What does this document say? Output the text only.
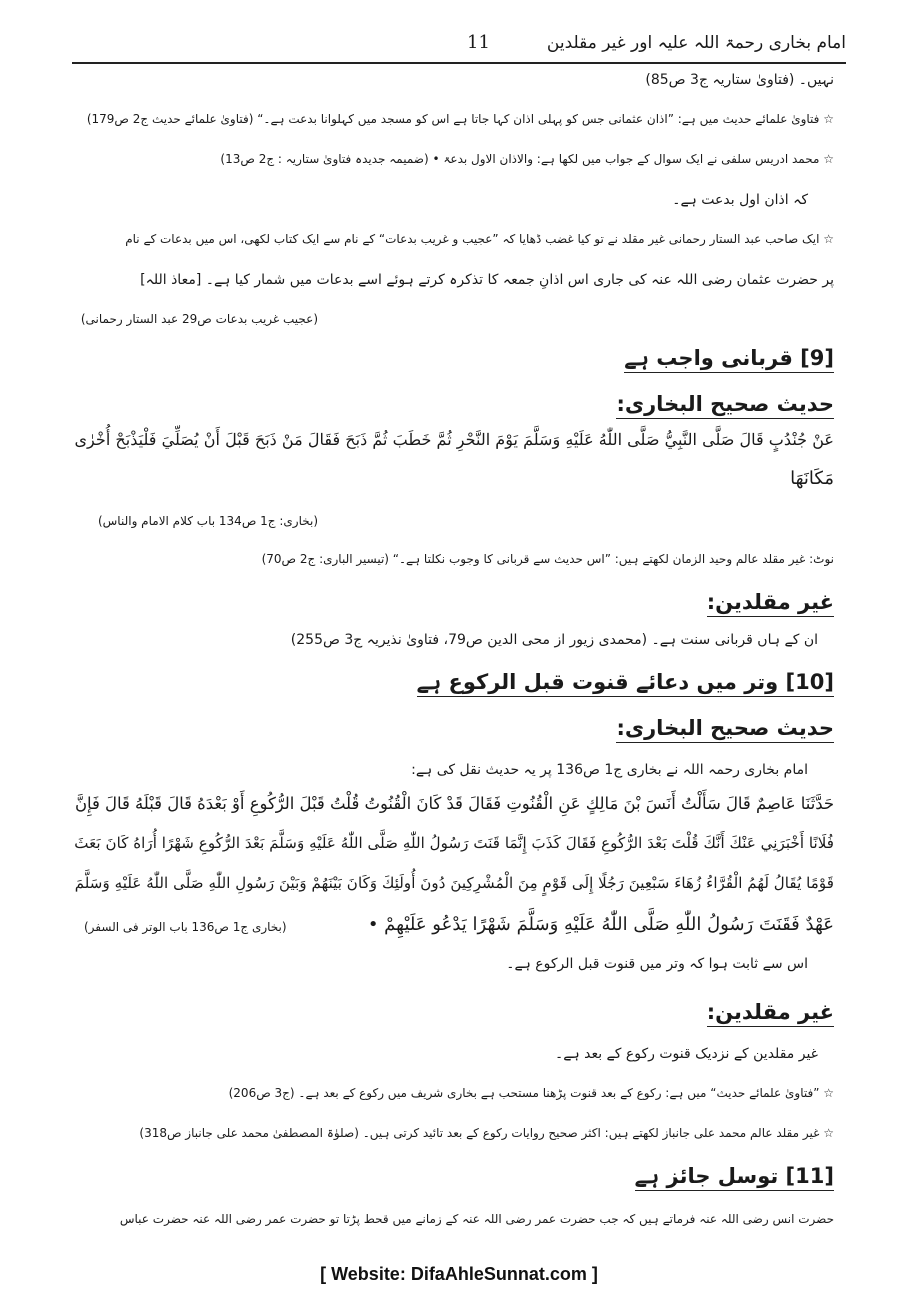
امام بخاری رحمۃ اللہ علیہ اور غیر مقلدین
11
نہیں۔ (فتاویٰ ستاریہ ج3 ص85)
☆ فتاویٰ علمائے حدیث میں ہے: ”اذان عثمانی جس کو پہلی اذان کہا جاتا ہے اس کو مسجد میں کہلوانا بدعت ہے۔“ (فتاویٰ علمائے حدیث ج2 ص179)
☆ محمد ادریس سلفی نے ایک سوال کے جواب میں لکھا ہے: والاذان الاول بدعۃ • (ضمیمہ جدیدہ فتاویٰ ستاریہ : ج2 ص13)
کہ اذان اول بدعت ہے۔
☆ ایک صاحب عبد الستار رحمانی غیر مقلد نے تو کیا غضب ڈھایا کہ ”عجیب و غریب بدعات“ کے نام سے ایک کتاب لکھی، اس میں بدعات کے نام
پر حضرت عثمان رضی اللہ عنہ کی جاری اس اذانِ جمعہ کا تذکرہ کرتے ہوئے اسے بدعات میں شمار کیا ہے۔ [معاذ اللہ]
(عجیب غریب بدعات ص29 عبد الستار رحمانی)
[9] قربانی واجب ہے
حدیث صحیح البخاری:
عَنْ جُنْدُبٍ قَالَ صَلَّى النَّبِيُّ صَلَّى اللّٰهُ عَلَيْهِ وَسَلَّمَ يَوْمَ النَّحْرِ ثُمَّ خَطَبَ ثُمَّ ذَبَحَ فَقَالَ مَنْ ذَبَحَ قَبْلَ أَنْ يُصَلِّيَ فَلْيَذْبَحْ أُخْرٰى
مَكَانَهَا
(بخاری: ج1 ص134 باب کلام الامام والناس)
نوٹ: غیر مقلد عالم وحید الزمان لکھتے ہیں: ”اس حدیث سے قربانی کا وجوب نکلتا ہے۔“ (تیسیر الباری: ج2 ص70)
غیر مقلدین:
ان کے ہاں قربانی سنت ہے۔ (محمدی زیور از محی الدین ص79، فتاویٰ نذیریہ ج3 ص255)
[10] وتر میں دعائے قنوت قبل الرکوع ہے
حدیث صحیح البخاری:
امام بخاری رحمہ اللہ نے بخاری ج1 ص136 پر یہ حدیث نقل کی ہے:
حَدَّثَنَا عَاصِمٌ قَالَ سَأَلْتُ أَنَسَ بْنَ مَالِكٍ عَنِ الْقُنُوتِ فَقَالَ قَدْ كَانَ الْقُنُوتُ قُلْتُ قَبْلَ الرُّكُوعِ أَوْ بَعْدَهُ قَالَ قَبْلَهُ قَالَ فَإِنَّ
فُلَانًا أَخْبَرَنِي عَنْكَ أَنَّكَ قُلْتَ بَعْدَ الرُّكُوعِ فَقَالَ كَذَبَ إِنَّمَا قَنَتَ رَسُولُ اللّٰهِ صَلَّى اللّٰهُ عَلَيْهِ وَسَلَّمَ بَعْدَ الرُّكُوعِ شَهْرًا أُرَاهُ كَانَ بَعَثَ
قَوْمًا يُقَالُ لَهُمُ الْقُرَّاءُ زُهَاءَ سَبْعِينَ رَجُلًا إِلَى قَوْمٍ مِنَ الْمُشْرِكِينَ دُونَ أُولَئِكَ وَكَانَ بَيْنَهُمْ وَبَيْنَ رَسُولِ اللّٰهِ صَلَّى اللّٰهُ عَلَيْهِ وَسَلَّمَ
عَهْدٌ فَقَنَتَ رَسُولُ اللّٰهِ صَلَّى اللّٰهُ عَلَيْهِ وَسَلَّمَ شَهْرًا يَدْعُو عَلَيْهِمْ •
(بخاری ج1 ص136 باب الوتر فی السفر)
اس سے ثابت ہوا کہ وتر میں قنوت قبل الرکوع ہے۔
غیر مقلدین:
غیر مقلدین کے نزدیک قنوت رکوع کے بعد ہے۔
☆ ”فتاویٰ علمائے حدیث“ میں ہے: رکوع کے بعد قنوت پڑھنا مستحب ہے بخاری شریف میں رکوع کے بعد ہے۔ (ج3 ص206)
☆ غیر مقلد عالم محمد علی جانباز لکھتے ہیں: اکثر صحیح روایات رکوع کے بعد تائید کرتی ہیں۔ (صلوٰۃ المصطفیٰ محمد علی جانباز ص318)
[11] توسل جائز ہے
حضرت انس رضی اللہ عنہ فرماتے ہیں کہ جب حضرت عمر رضی اللہ عنہ کے زمانے میں قحط پڑتا تو حضرت عمر رضی اللہ عنہ حضرت عباس
[ Website: DifaAhleSunnat.com ]
